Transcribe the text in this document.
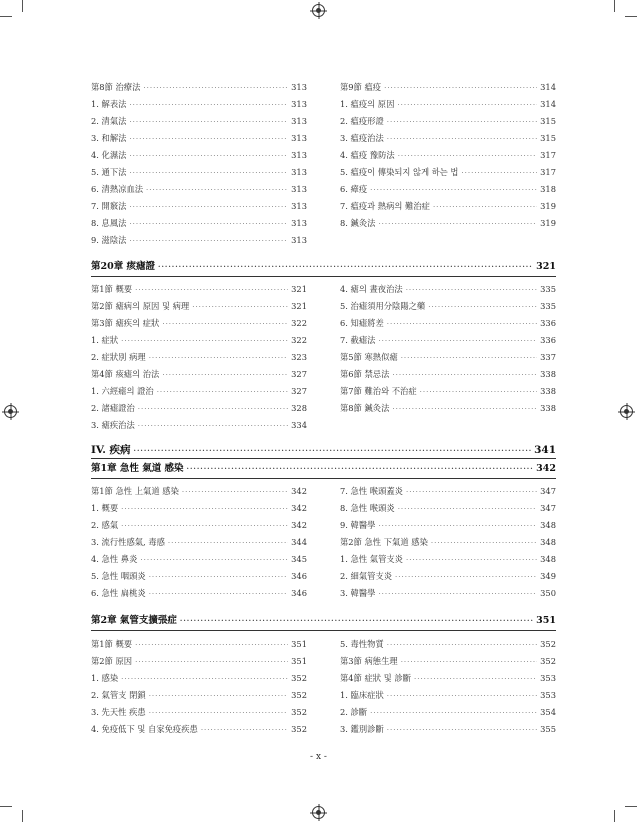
第8節 治療法 ·····	313
1. 解表法 ·····	313
2. 清氣法 ·····	313
3. 和解法 ·····	313
4. 化濕法 ·····	313
5. 通下法 ·····	313
6. 清熱凉血法 ·····	313
7. 開竅法 ·····	313
8. 息風法 ·····	313
9. 滋陰法 ·····	313
第9節 瘟疫 ·····	314
1. 瘟疫의 原因 ·····	314
2. 瘟疫形證 ·····	315
3. 瘟疫治法 ·····	315
4. 瘟疫 豫防法 ·····	317
5. 瘟疫이 傳染되지 않게 하는 법 ·····	317
6. 瘴疫 ·····	318
7. 瘟疫과 熱病의 難治症 ·····	319
8. 鍼灸法 ·····	319
第20章 痎瘧證 ·····	321
第1節 概要 ·····	321
第2節 瘧病의 原因 및 病理 ·····	321
第3節 瘧疾의 症狀 ·····	322
1. 症狀 ·····	322
2. 症狀別 病理 ·····	323
第4節 痎瘧의 治法 ·····	327
1. 六經瘧의 證治 ·····	327
2. 諸瘧證治 ·····	328
3. 瘧疾治法 ·····	334
4. 瘧의 晝夜治法 ·····	335
5. 治瘧須用分陰陽之藥 ·····	335
6. 知瘧將差 ·····	336
7. 截瘧法 ·····	336
第5節 寒熱似瘧 ·····	337
第6節 禁忌法 ·····	338
第7節 難治와 不治症 ·····	338
第8節 鍼灸法 ·····	338
IV. 疾病 ·····	341
第1章 急性 氣道 感染 ·····	342
第1節 急性 上氣道 感染 ·····	342
1. 概要 ·····	342
2. 感氣 ·····	342
3. 流行性感氣, 毒感 ·····	344
4. 急性 鼻炎 ·····	345
5. 急性 咽頭炎 ·····	346
6. 急性 扁桃炎 ·····	346
7. 急性 喉頭蓋炎 ·····	347
8. 急性 喉頭炎 ·····	347
9. 韓醫學 ·····	348
第2節 急性 下氣道 感染 ·····	348
1. 急性 氣管支炎 ·····	348
2. 細氣管支炎 ·····	349
3. 韓醫學 ·····	350
第2章 氣管支擴張症 ·····	351
第1節 概要 ·····	351
第2節 原因 ·····	351
1. 感染 ·····	352
2. 氣管支 閉鎖 ·····	352
3. 先天性 疾患 ·····	352
4. 免疫低下 및 自家免疫疾患 ·····	352
5. 毒性物質 ·····	352
第3節 病態生理 ·····	352
第4節 症狀 및 診斷 ·····	353
1. 臨床症狀 ·····	353
2. 診斷 ·····	354
3. 鑑別診斷 ·····	355
- x -
